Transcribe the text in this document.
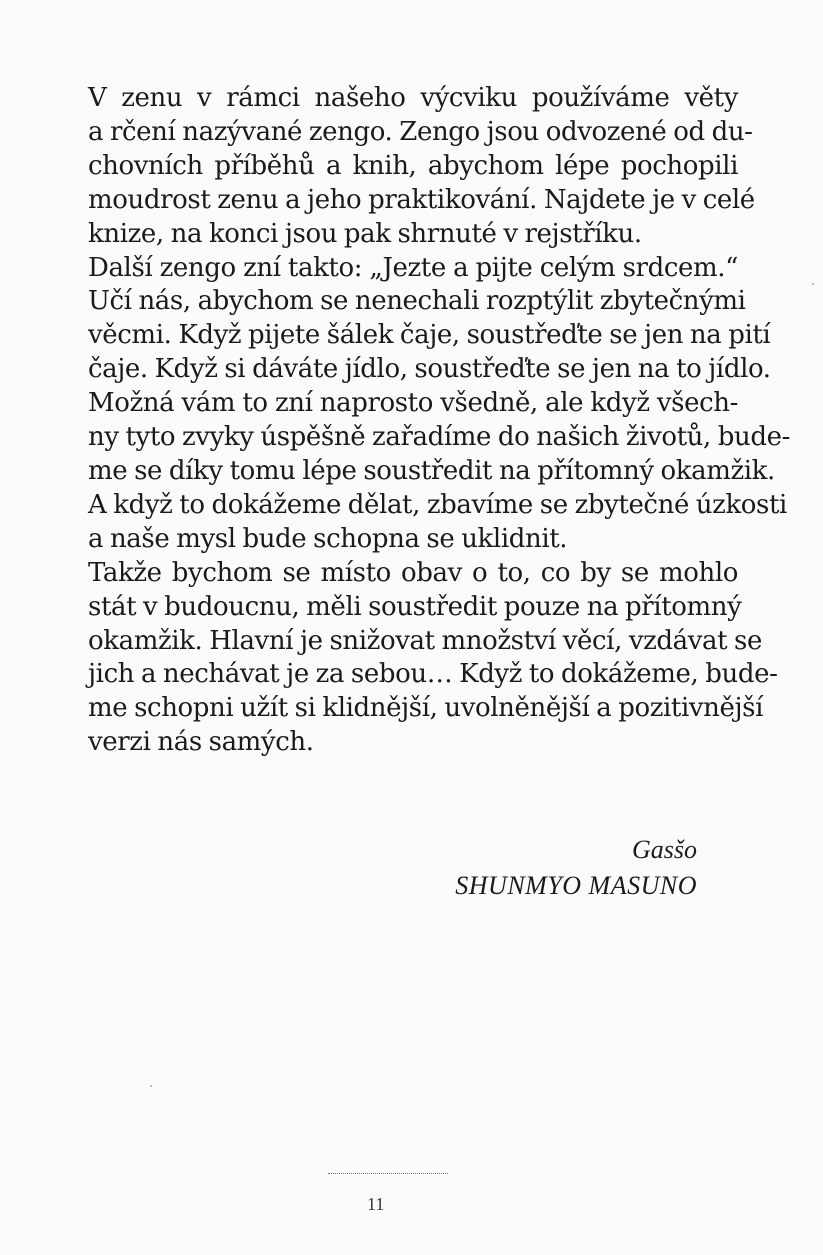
V zenu v rámci našeho výcviku používáme věty
a rčení nazývané zengo. Zengo jsou odvozené od du-
chovních příběhů a knih, abychom lépe pochopili
moudrost zenu a jeho praktikování. Najdete je v celé
knize, na konci jsou pak shrnuté v rejstříku.
Další zengo zní takto: „Jezte a pijte celým srdcem.“
Učí nás, abychom se nenechali rozptýlit zbytečnými
věcmi. Když pijete šálek čaje, soustřeďte se jen na pití
čaje. Když si dáváte jídlo, soustřeďte se jen na to jídlo.
Možná vám to zní naprosto všedně, ale když všech-
ny tyto zvyky úspěšně zařadíme do našich životů, bude-
me se díky tomu lépe soustředit na přítomný okamžik.
A když to dokážeme dělat, zbavíme se zbytečné úzkosti
a naše mysl bude schopna se uklidnit.
Takže bychom se místo obav o to, co by se mohlo
stát v budoucnu, měli soustředit pouze na přítomný
okamžik. Hlavní je snižovat množství věcí, vzdávat se
jich a nechávat je za sebou… Když to dokážeme, bude-
me schopni užít si klidnější, uvolněnější a pozitivnější
verzi nás samých.
Gasšo
SHUNMYO MASUNO
11
